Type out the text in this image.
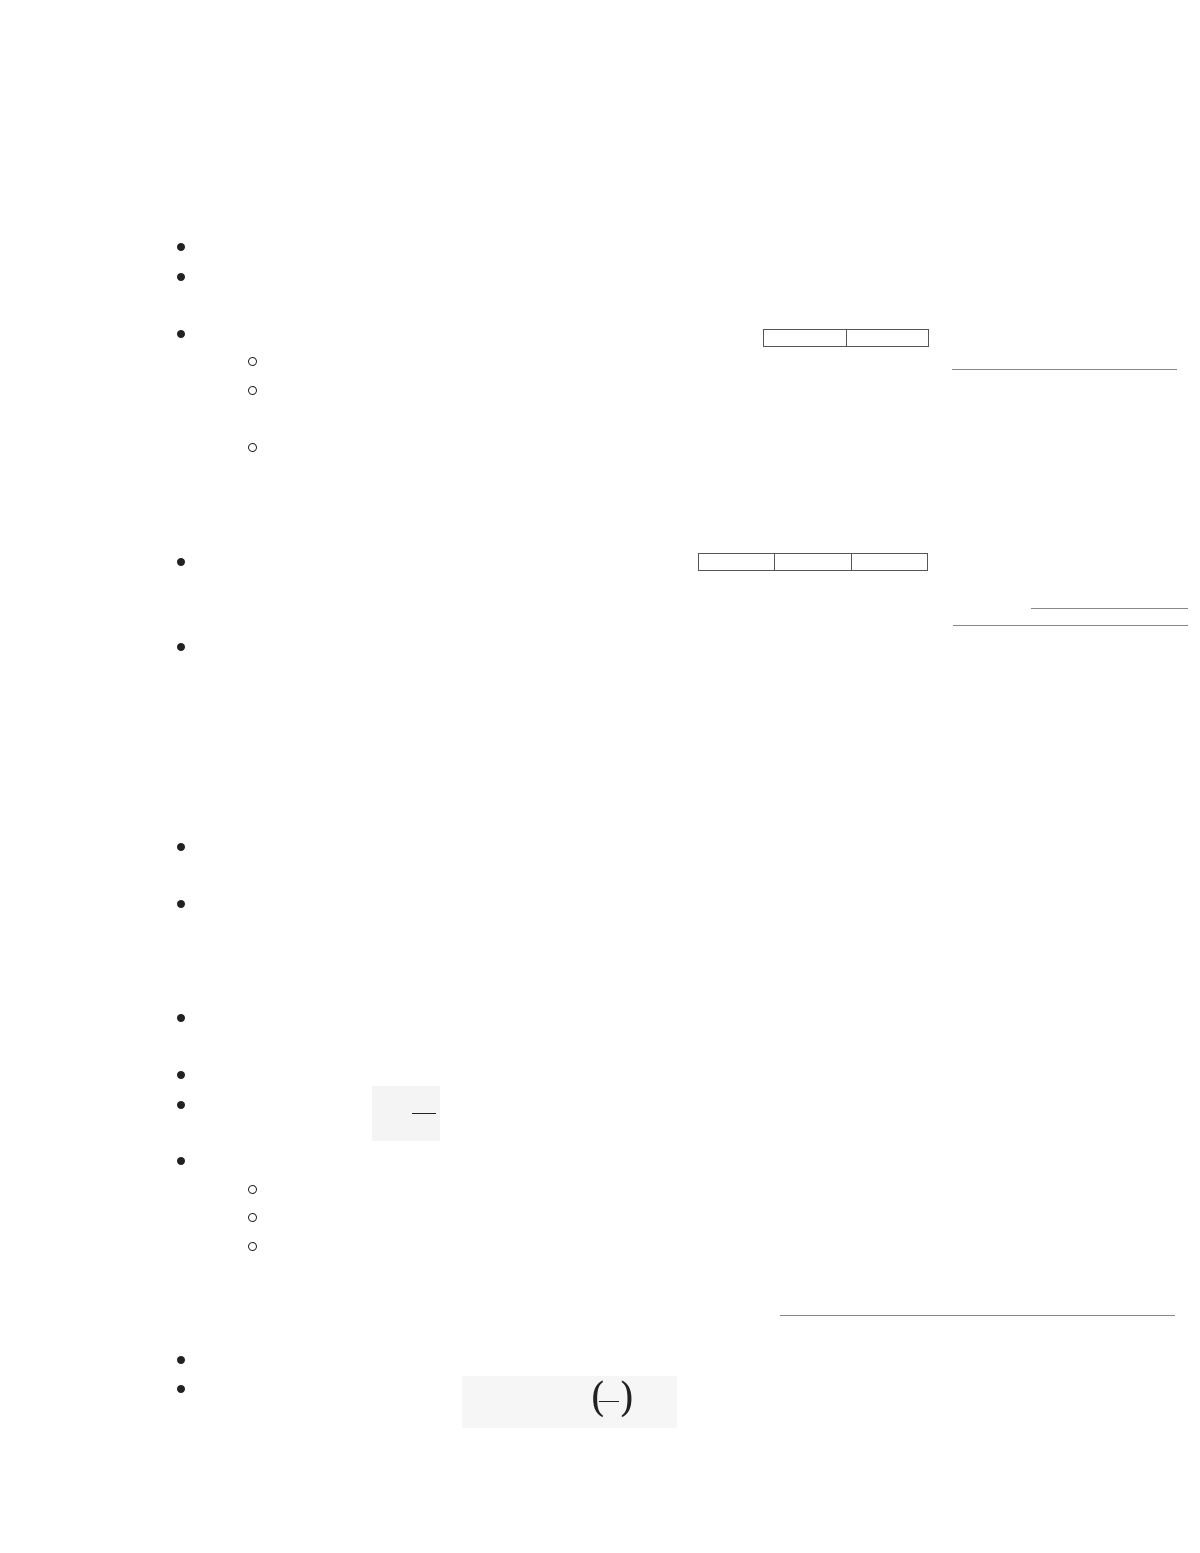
( )
